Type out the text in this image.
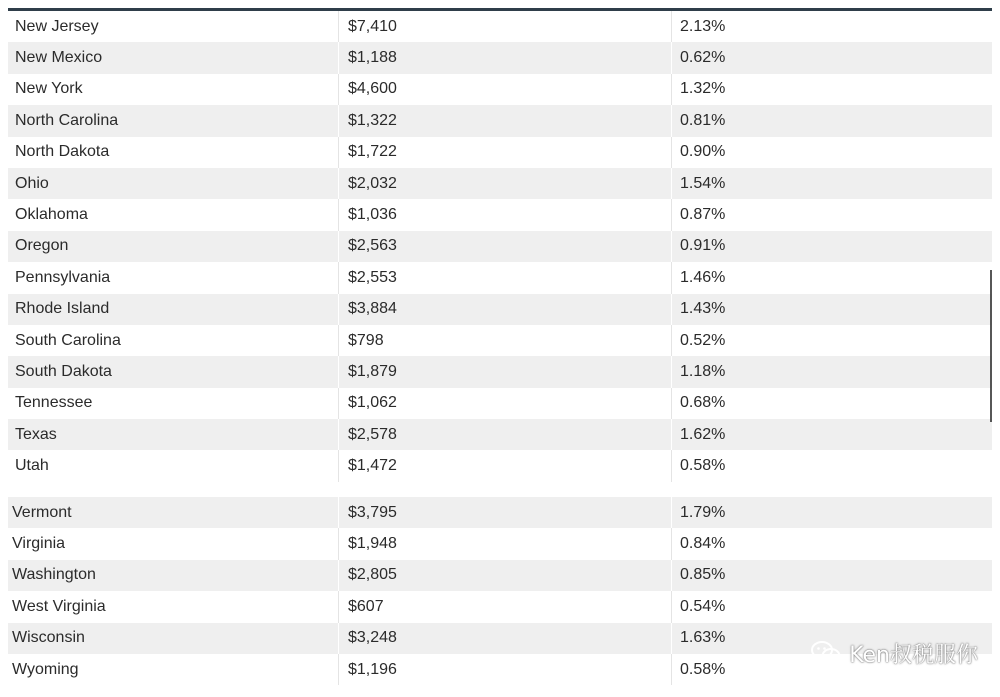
New Jersey	$7,410	2.13%
New Mexico	$1,188	0.62%
New York	$4,600	1.32%
North Carolina	$1,322	0.81%
North Dakota	$1,722	0.90%
Ohio	$2,032	1.54%
Oklahoma	$1,036	0.87%
Oregon	$2,563	0.91%
Pennsylvania	$2,553	1.46%
Rhode Island	$3,884	1.43%
South Carolina	$798	0.52%
South Dakota	$1,879	1.18%
Tennessee	$1,062	0.68%
Texas	$2,578	1.62%
Utah	$1,472	0.58%
Vermont	$3,795	1.79%
Virginia	$1,948	0.84%
Washington	$2,805	0.85%
West Virginia	$607	0.54%
Wisconsin	$3,248	1.63%
Wyoming	$1,196	0.58%
Ken叔税服你
